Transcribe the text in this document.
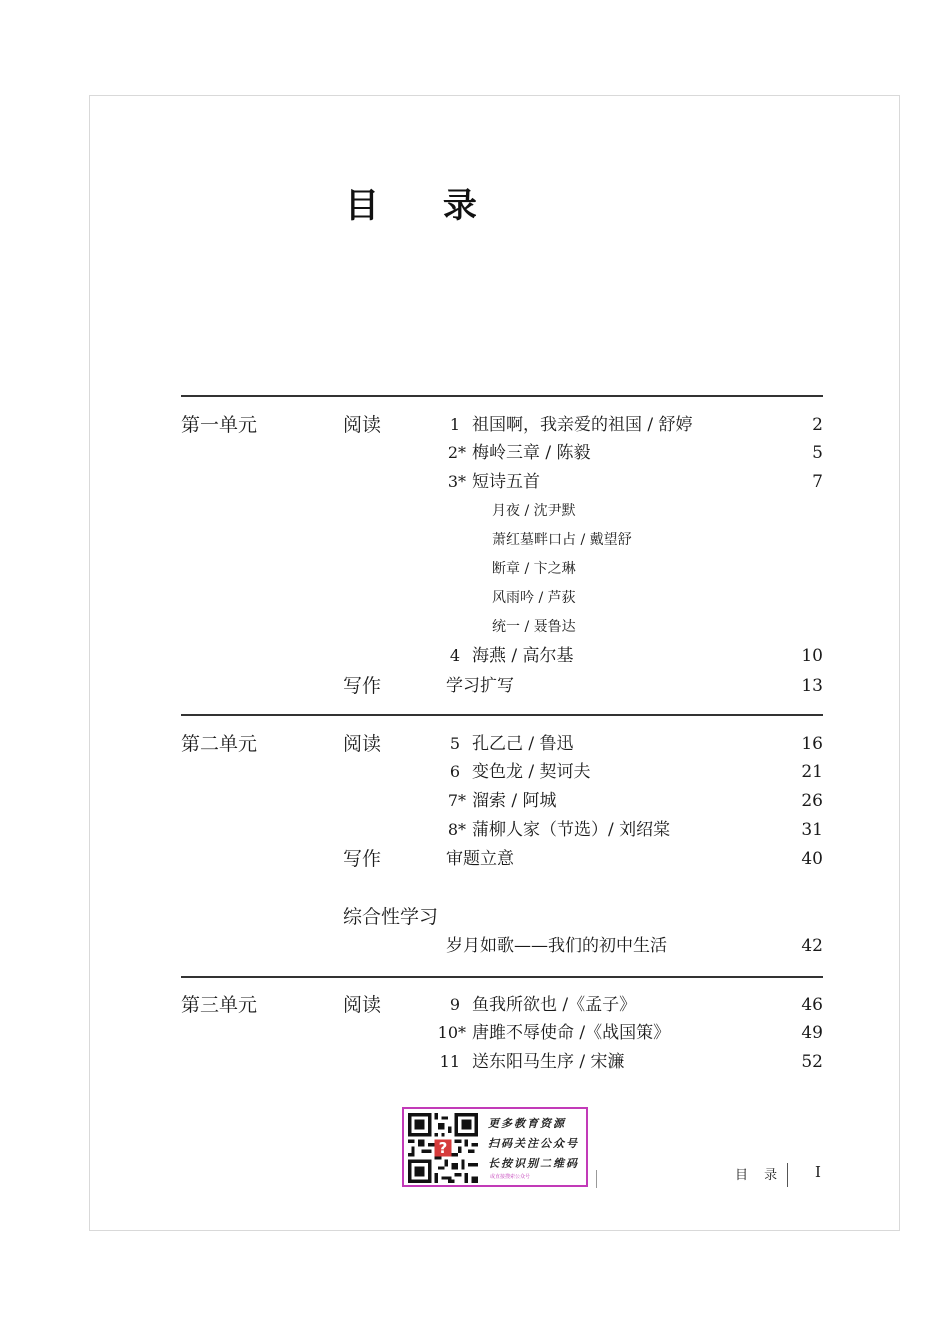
目 录
第一单元	阅读	1 祖国啊，我亲爱的祖国 / 舒婷	2
2* 梅岭三章 / 陈毅	5
3* 短诗五首	7
月夜 / 沈尹默
萧红墓畔口占 / 戴望舒
断章 / 卞之琳
风雨吟 / 芦荻
统一 / 聂鲁达
4 海燕 / 高尔基	10
写作	学习扩写	13
第二单元	阅读	5 孔乙己 / 鲁迅	16
6 变色龙 / 契诃夫	21
7* 溜索 / 阿城	26
8* 蒲柳人家（节选）/ 刘绍棠	31
写作	审题立意	40
综合性学习
岁月如歌——我们的初中生活	42
第三单元	阅读	9 鱼我所欲也 /《孟子》	46
10* 唐雎不辱使命 /《战国策》	49
11 送东阳马生序 / 宋濂	52
?
更多教育资源
扫码关注公众号
长按识别二维码
或直接搜索公众号	目 录 I
